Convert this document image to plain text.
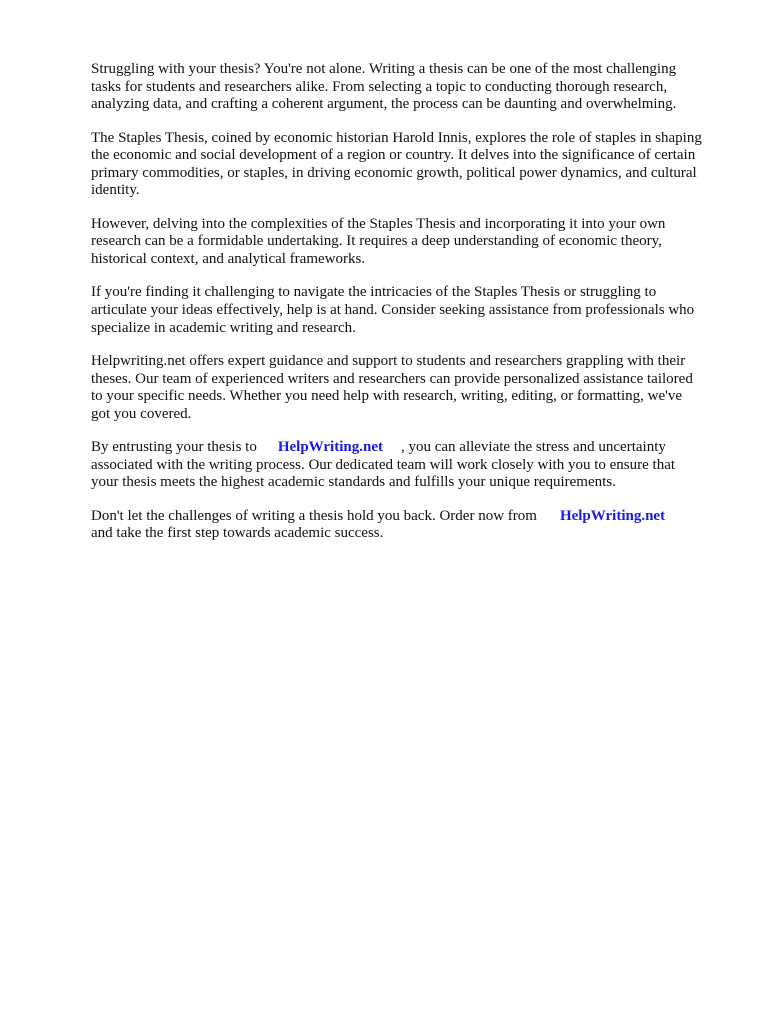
Struggling with your thesis? You're not alone. Writing a thesis can be one of the most challenging
tasks for students and researchers alike. From selecting a topic to conducting thorough research,
analyzing data, and crafting a coherent argument, the process can be daunting and overwhelming.

The Staples Thesis, coined by economic historian Harold Innis, explores the role of staples in shaping
the economic and social development of a region or country. It delves into the significance of certain
primary commodities, or staples, in driving economic growth, political power dynamics, and cultural
identity.

However, delving into the complexities of the Staples Thesis and incorporating it into your own
research can be a formidable undertaking. It requires a deep understanding of economic theory,
historical context, and analytical frameworks.

If you're finding it challenging to navigate the intricacies of the Staples Thesis or struggling to
articulate your ideas effectively, help is at hand. Consider seeking assistance from professionals who
specialize in academic writing and research.

Helpwriting.net offers expert guidance and support to students and researchers grappling with their
theses. Our team of experienced writers and researchers can provide personalized assistance tailored
to your specific needs. Whether you need help with research, writing, editing, or formatting, we've
got you covered.

By entrusting your thesis to HelpWriting.net , you can alleviate the stress and uncertainty
associated with the writing process. Our dedicated team will work closely with you to ensure that
your thesis meets the highest academic standards and fulfills your unique requirements.

Don't let the challenges of writing a thesis hold you back. Order now from HelpWriting.net
and take the first step towards academic success.
